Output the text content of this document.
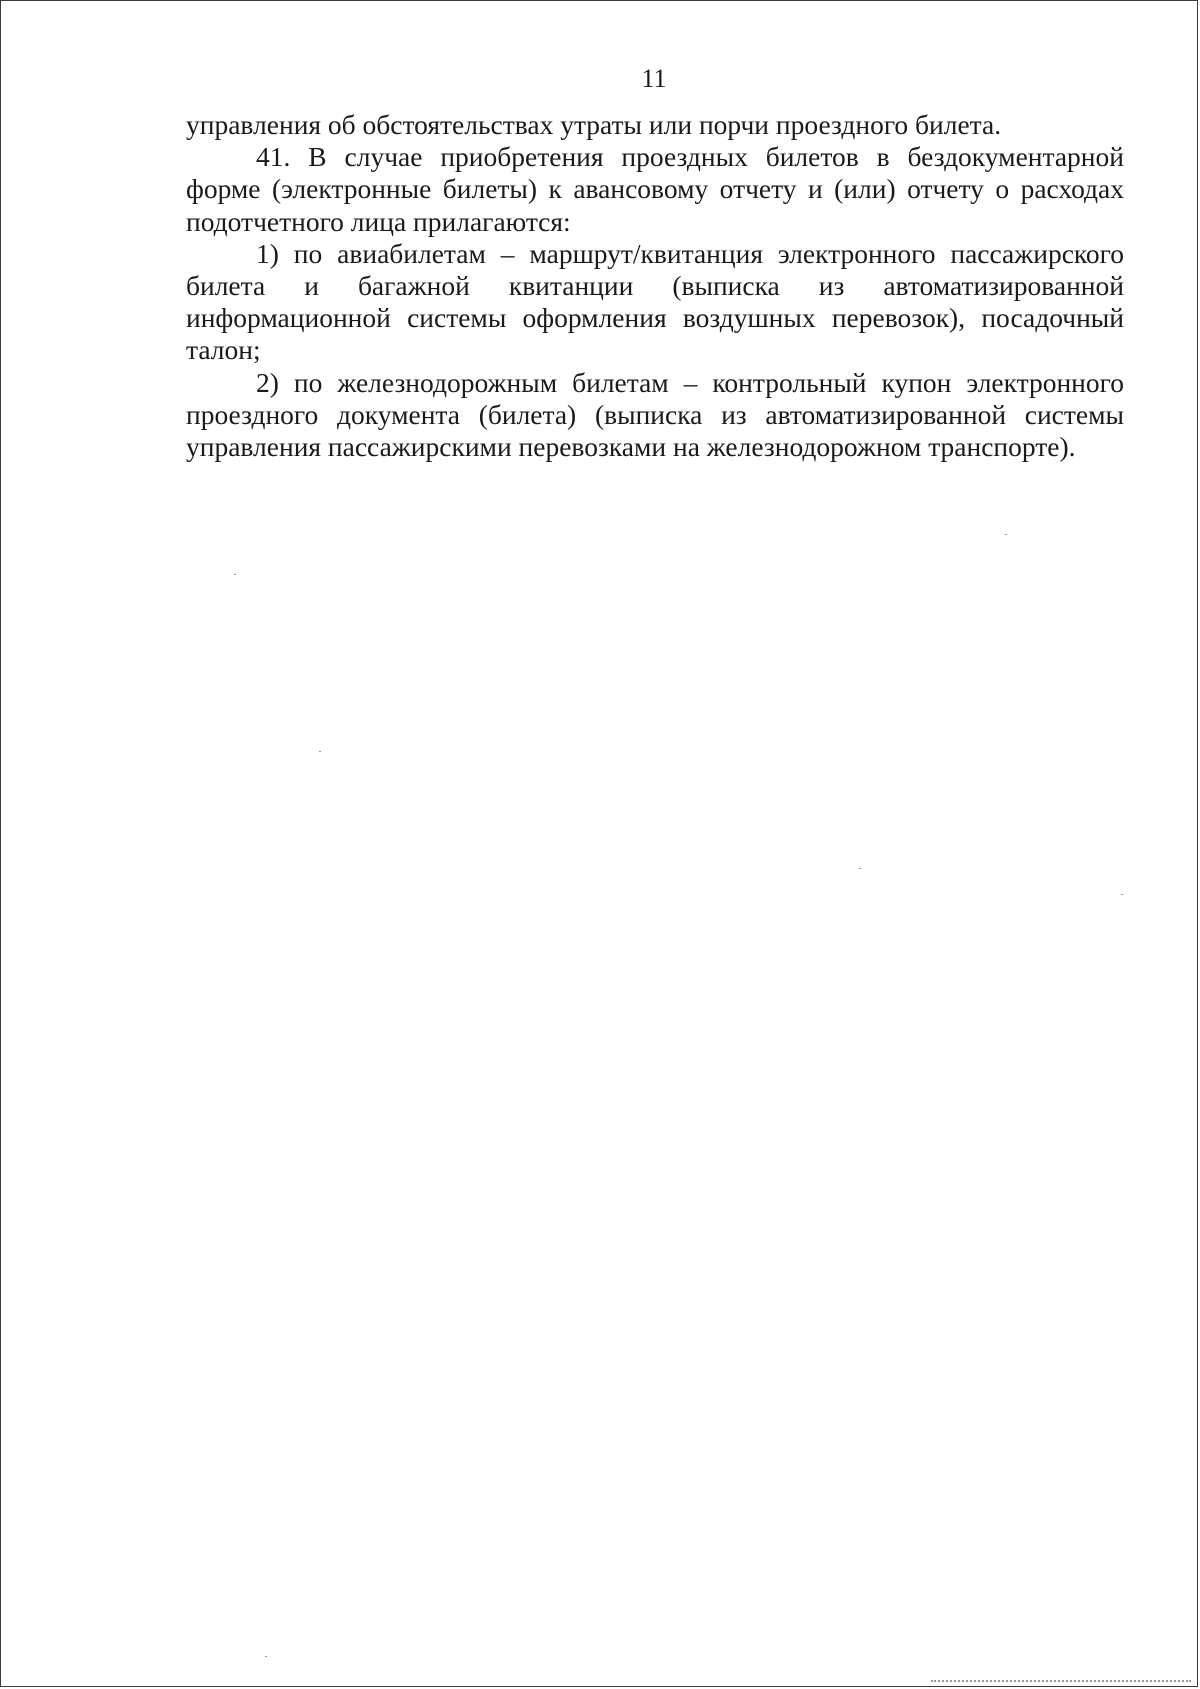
11

управления об обстоятельствах утраты или порчи проездного билета.

41. В случае приобретения проездных билетов в бездокументарной форме (электронные билеты) к авансовому отчету и (или) отчету о расходах подотчетного лица прилагаются:

1) по авиабилетам – маршрут/квитанция электронного пассажирского билета и багажной квитанции (выписка из автоматизированной информационной системы оформления воздушных перевозок), посадочный талон;

2) по железнодорожным билетам – контрольный купон электронного проездного документа (билета) (выписка из автоматизированной системы управления пассажирскими перевозками на железнодорожном транспорте).
